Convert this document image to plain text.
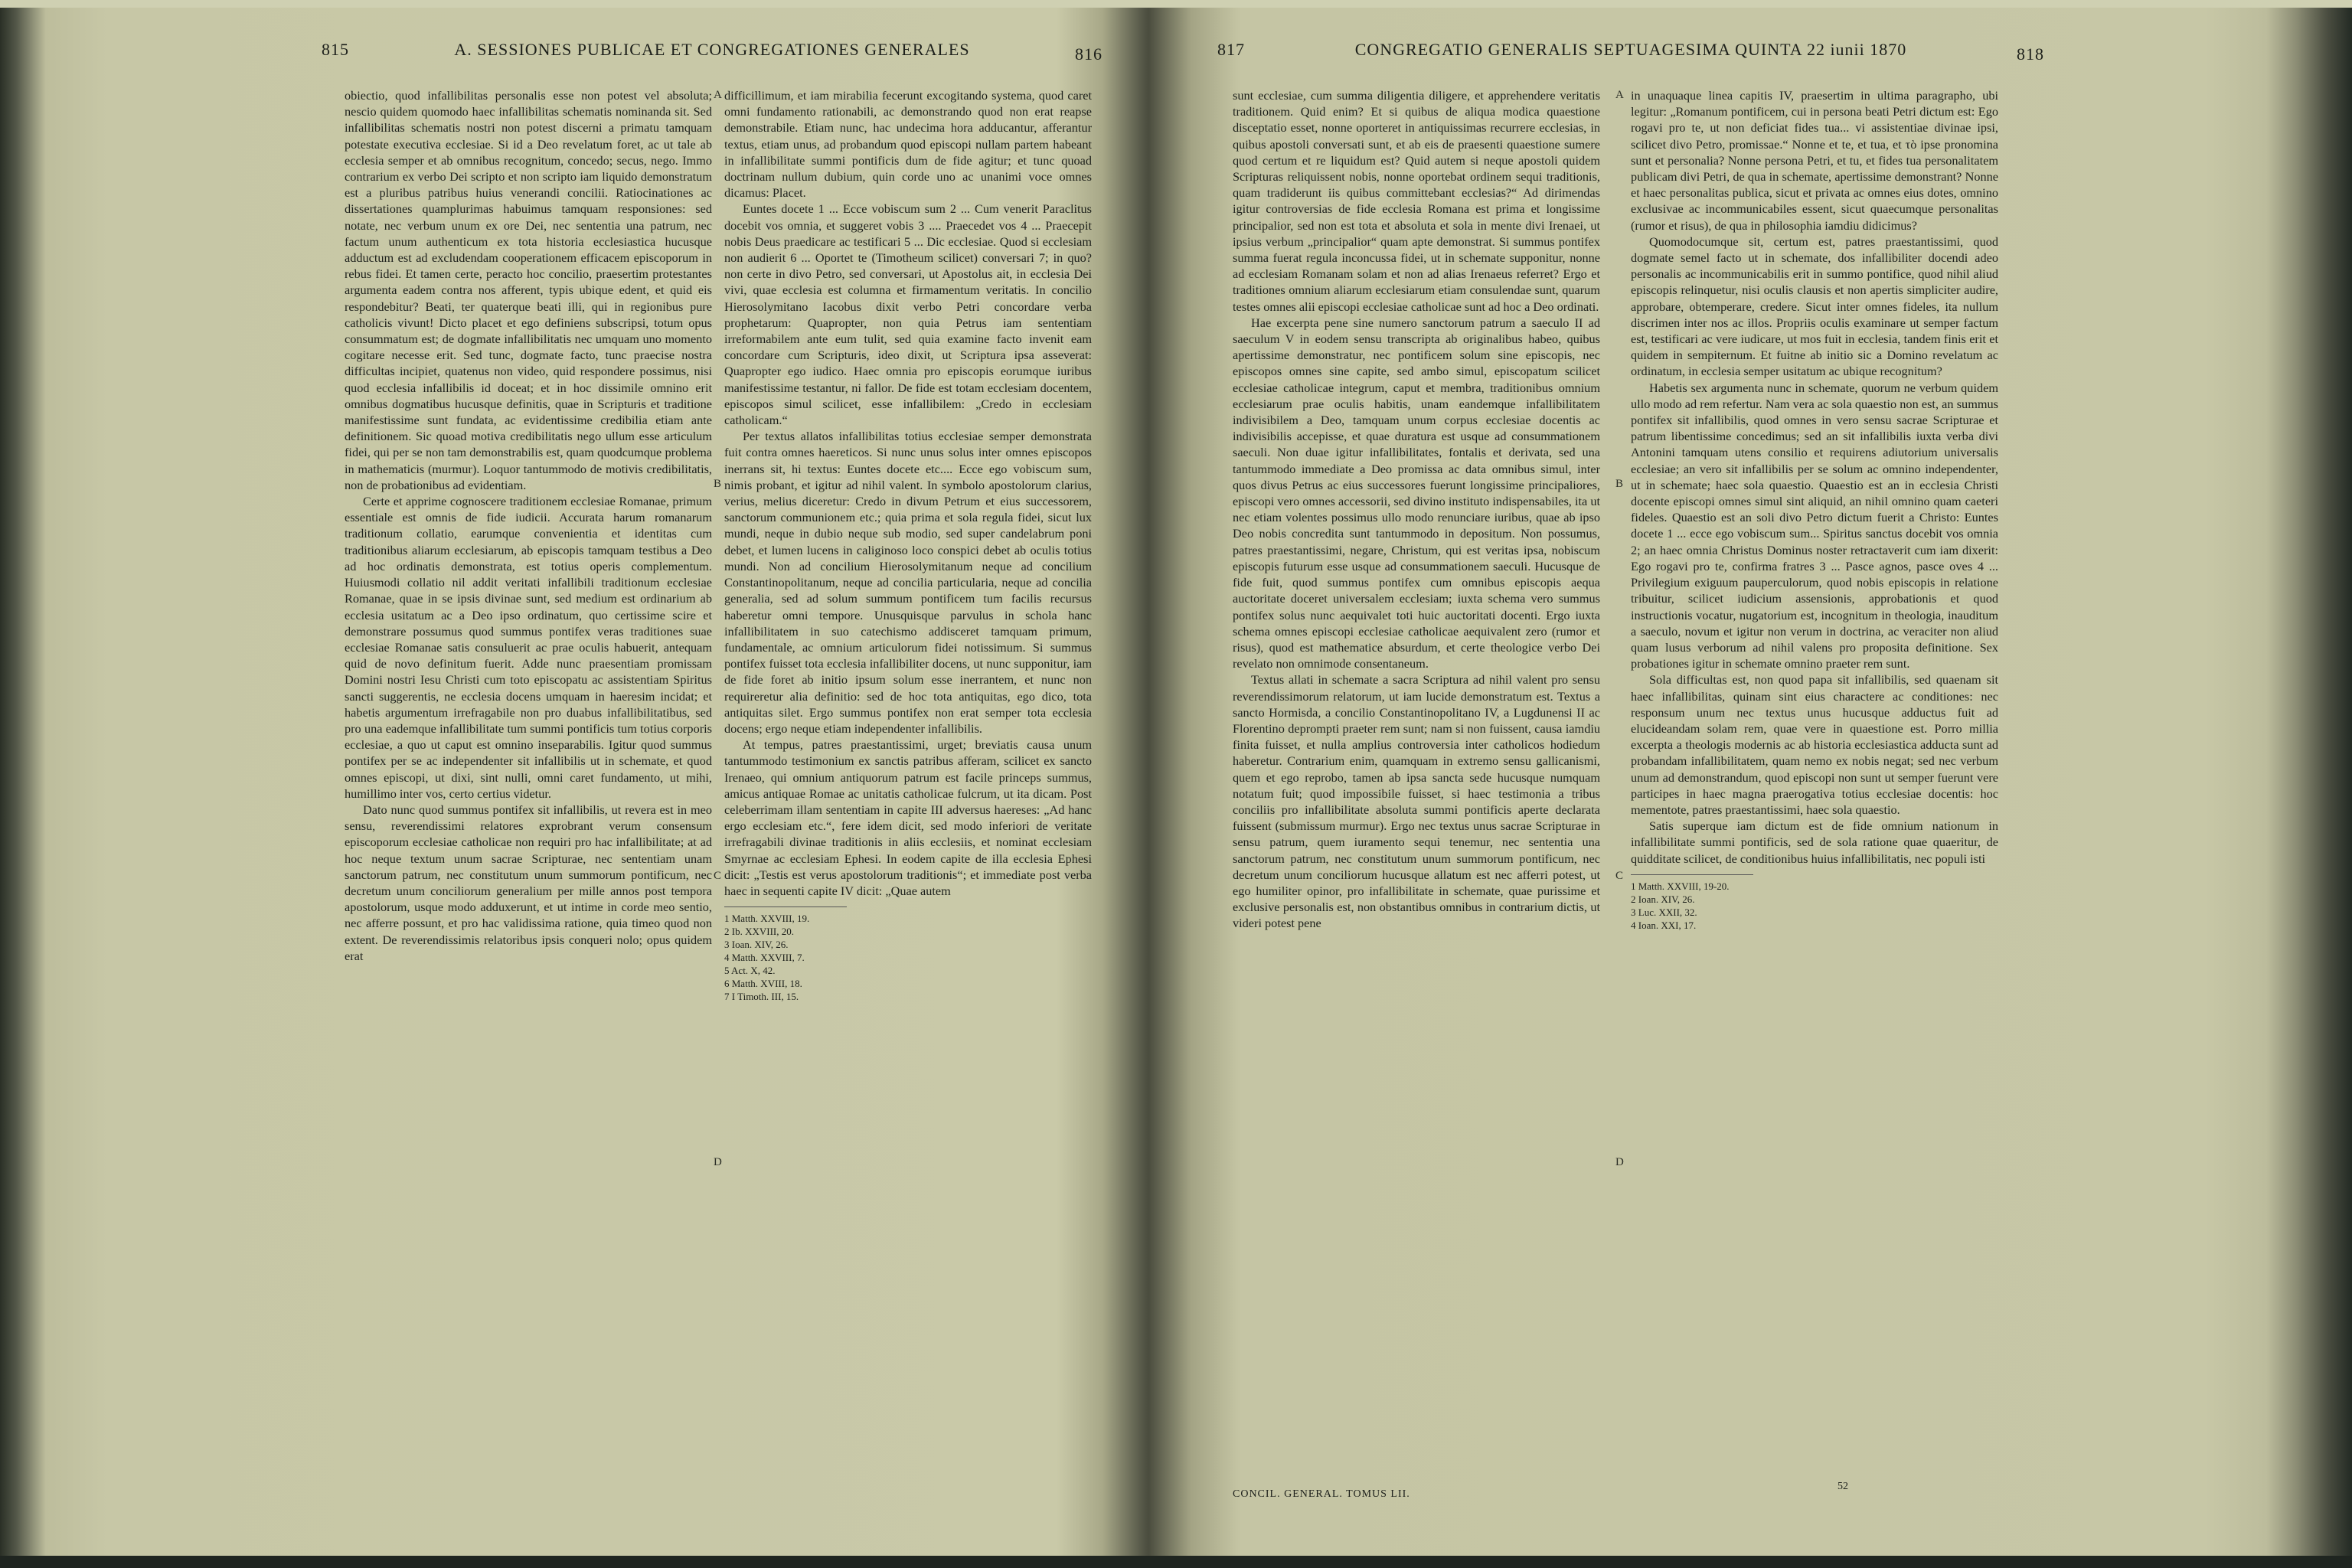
815	A. SESSIONES PUBLICAE ET CONGREGATIONES GENERALES	816

obiectio, quod infallibilitas personalis esse non potest vel absoluta; nescio quidem quomodo haec infallibilitas schematis nominanda sit. Sed infallibilitas schematis nostri non potest discerni a primatu tamquam potestate executiva ecclesiae. Si id a Deo revelatum foret, ac ut tale ab ecclesia semper et ab omnibus recognitum, concedo; secus, nego. Immo contrarium ex verbo Dei scripto et non scripto iam liquido demonstratum est a pluribus patribus huius venerandi concilii. Ratiocinationes ac dissertationes quamplurimas habuimus tamquam responsiones: sed notate, nec verbum unum ex ore Dei, nec sententia una patrum, nec factum unum authenticum ex tota historia ecclesiastica hucusque adductum est ad excludendam cooperationem efficacem episcoporum in rebus fidei. Et tamen certe, peracto hoc concilio, praesertim protestantes argumenta eadem contra nos afferent, typis ubique edent, et quid eis respondebitur? Beati, ter quaterque beati illi, qui in regionibus pure catholicis vivunt! Dicto placet et ego definiens subscripsi, totum opus consummatum est; de dogmate infallibilitatis nec umquam uno momento cogitare necesse erit. Sed tunc, dogmate facto, tunc praecise nostra difficultas incipiet, quatenus non video, quid respondere possimus, nisi quod ecclesia infallibilis id doceat; et in hoc dissimile omnino erit omnibus dogmatibus hucusque definitis, quae in Scripturis et traditione manifestissime sunt fundata, ac evidentissime credibilia etiam ante definitionem. Sic quoad motiva credibilitatis nego ullum esse articulum fidei, qui per se non tam demonstrabilis est, quam quodcumque problema in mathematicis (murmur). Loquor tantummodo de motivis credibilitatis, non de probationibus ad evidentiam.

Certe et apprime cognoscere traditionem ecclesiae Romanae, primum essentiale est omnis de fide iudicii. Accurata harum romanarum traditionum collatio, earumque convenientia et identitas cum traditionibus aliarum ecclesiarum, ab episcopis tamquam testibus a Deo ad hoc ordinatis demonstrata, est totius operis complementum. Huiusmodi collatio nil addit veritati infallibili traditionum ecclesiae Romanae, quae in se ipsis divinae sunt, sed medium est ordinarium ab ecclesia usitatum ac a Deo ipso ordinatum, quo certissime scire et demonstrare possumus quod summus pontifex veras traditiones suae ecclesiae Romanae satis consuluerit ac prae oculis habuerit, antequam quid de novo definitum fuerit. Adde nunc praesentiam promissam Domini nostri Iesu Christi cum toto episcopatu ac assistentiam Spiritus sancti suggerentis, ne ecclesia docens umquam in haeresim incidat; et habetis argumentum irrefragabile non pro duabus infallibilitatibus, sed pro una eademque infallibilitate tum summi pontificis tum totius corporis ecclesiae, a quo ut caput est omnino inseparabilis. Igitur quod summus pontifex per se ac independenter sit infallibilis ut in schemate, et quod omnes episcopi, ut dixi, sint nulli, omni caret fundamento, ut mihi, humillimo inter vos, certo certius videtur.

Dato nunc quod summus pontifex sit infallibilis, ut revera est in meo sensu, reverendissimi relatores exprobrant verum consensum episcoporum ecclesiae catholicae non requiri pro hac infallibilitate; at ad hoc neque textum unum sacrae Scripturae, nec sententiam unam sanctorum patrum, nec constitutum unum summorum pontificum, nec decretum unum conciliorum generalium per mille annos post tempora apostolorum, usque modo adduxerunt, et ut intime in corde meo sentio, nec afferre possunt, et pro hac validissima ratione, quia timeo quod non extent. De reverendissimis relatoribus ipsis conqueri nolo; opus quidem erat

A
B
C
D

difficillimum, et iam mirabilia fecerunt excogitando systema, quod caret omni fundamento rationabili, ac demonstrando quod non erat reapse demonstrabile. Etiam nunc, hac undecima hora adducantur, afferantur textus, etiam unus, ad probandum quod episcopi nullam partem habeant in infallibilitate summi pontificis dum de fide agitur; et tunc quoad doctrinam nullum dubium, quin corde uno ac unanimi voce omnes dicamus: Placet.

Euntes docete 1 ... Ecce vobiscum sum 2 ... Cum venerit Paraclitus docebit vos omnia, et suggeret vobis 3 .... Praecedet vos 4 ... Praecepit nobis Deus praedicare ac testificari 5 ... Dic ecclesiae. Quod si ecclesiam non audierit 6 ... Oportet te (Timotheum scilicet) conversari 7; in quo? non certe in divo Petro, sed conversari, ut Apostolus ait, in ecclesia Dei vivi, quae ecclesia est columna et firmamentum veritatis. In concilio Hierosolymitano Iacobus dixit verbo Petri concordare verba prophetarum: Quapropter, non quia Petrus iam sententiam irreformabilem ante eum tulit, sed quia examine facto invenit eam concordare cum Scripturis, ideo dixit, ut Scriptura ipsa asseverat: Quapropter ego iudico. Haec omnia pro episcopis eorumque iuribus manifestissime testantur, ni fallor. De fide est totam ecclesiam docentem, episcopos simul scilicet, esse infallibilem: „Credo in ecclesiam catholicam.“

Per textus allatos infallibilitas totius ecclesiae semper demonstrata fuit contra omnes haereticos. Si nunc unus solus inter omnes episcopos inerrans sit, hi textus: Euntes docete etc.... Ecce ego vobiscum sum, nimis probant, et igitur ad nihil valent. In symbolo apostolorum clarius, verius, melius diceretur: Credo in divum Petrum et eius successorem, sanctorum communionem etc.; quia prima et sola regula fidei, sicut lux mundi, neque in dubio neque sub modio, sed super candelabrum poni debet, et lumen lucens in caliginoso loco conspici debet ab oculis totius mundi. Non ad concilium Hierosolymitanum neque ad concilium Constantinopolitanum, neque ad concilia particularia, neque ad concilia generalia, sed ad solum summum pontificem tum facilis recursus haberetur omni tempore. Unusquisque parvulus in schola hanc infallibilitatem in suo catechismo addisceret tamquam primum, fundamentale, ac omnium articulorum fidei notissimum. Si summus pontifex fuisset tota ecclesia infallibiliter docens, ut nunc supponitur, iam de fide foret ab initio ipsum solum esse inerrantem, et nunc non requireretur alia definitio: sed de hoc tota antiquitas, ego dico, tota antiquitas silet. Ergo summus pontifex non erat semper tota ecclesia docens; ergo neque etiam independenter infallibilis.

At tempus, patres praestantissimi, urget; breviatis causa unum tantummodo testimonium ex sanctis patribus afferam, scilicet ex sancto Irenaeo, qui omnium antiquorum patrum est facile princeps summus, amicus antiquae Romae ac unitatis catholicae fulcrum, ut ita dicam. Post celeberrimam illam sententiam in capite III adversus haereses: „Ad hanc ergo ecclesiam etc.“, fere idem dicit, sed modo inferiori de veritate irrefragabili divinae traditionis in aliis ecclesiis, et nominat ecclesiam Smyrnae ac ecclesiam Ephesi. In eodem capite de illa ecclesia Ephesi dicit: „Testis est verus apostolorum traditionis“; et immediate post verba haec in sequenti capite IV dicit: „Quae autem

1 Matth. XXVIII, 19.
2 Ib. XXVIII, 20.
3 Ioan. XIV, 26.
4 Matth. XXVIII, 7.
5 Act. X, 42.
6 Matth. XVIII, 18.
7 I Timoth. III, 15.
817	CONGREGATIO GENERALIS SEPTUAGESIMA QUINTA 22 iunii 1870	818

sunt ecclesiae, cum summa diligentia diligere, et apprehendere veritatis traditionem. Quid enim? Et si quibus de aliqua modica quaestione disceptatio esset, nonne oporteret in antiquissimas recurrere ecclesias, in quibus apostoli conversati sunt, et ab eis de praesenti quaestione sumere quod certum et re liquidum est? Quid autem si neque apostoli quidem Scripturas reliquissent nobis, nonne oportebat ordinem sequi traditionis, quam tradiderunt iis quibus committebant ecclesias?“ Ad dirimendas igitur controversias de fide ecclesia Romana est prima et longissime principalior, sed non est tota et absoluta et sola in mente divi Irenaei, ut ipsius verbum „principalior“ quam apte demonstrat. Si summus pontifex summa fuerat regula inconcussa fidei, ut in schemate supponitur, nonne ad ecclesiam Romanam solam et non ad alias Irenaeus referret? Ergo et traditiones omnium aliarum ecclesiarum etiam consulendae sunt, quarum testes omnes alii episcopi ecclesiae catholicae sunt ad hoc a Deo ordinati.

Hae excerpta pene sine numero sanctorum patrum a saeculo II ad saeculum V in eodem sensu transcripta ab originalibus habeo, quibus apertissime demonstratur, nec pontificem solum sine episcopis, nec episcopos omnes sine capite, sed ambo simul, episcopatum scilicet ecclesiae catholicae integrum, caput et membra, traditionibus omnium ecclesiarum prae oculis habitis, unam eandemque infallibilitatem indivisibilem a Deo, tamquam unum corpus ecclesiae docentis ac indivisibilis accepisse, et quae duratura est usque ad consummationem saeculi. Non duae igitur infallibilitates, fontalis et derivata, sed una tantummodo immediate a Deo promissa ac data omnibus simul, inter quos divus Petrus ac eius successores fuerunt longissime principaliores, episcopi vero omnes accessorii, sed divino instituto indispensabiles, ita ut nec etiam volentes possimus ullo modo renunciare iuribus, quae ab ipso Deo nobis concredita sunt tantummodo in depositum. Non possumus, patres praestantissimi, negare, Christum, qui est veritas ipsa, nobiscum episcopis futurum esse usque ad consummationem saeculi. Hucusque de fide fuit, quod summus pontifex cum omnibus episcopis aequa auctoritate doceret universalem ecclesiam; iuxta schema vero summus pontifex solus nunc aequivalet toti huic auctoritati docenti. Ergo iuxta schema omnes episcopi ecclesiae catholicae aequivalent zero (rumor et risus), quod est mathematice absurdum, et certe theologice verbo Dei revelato non omnimode consentaneum.

Textus allati in schemate a sacra Scriptura ad nihil valent pro sensu reverendissimorum relatorum, ut iam lucide demonstratum est. Textus a sancto Hormisda, a concilio Constantinopolitano IV, a Lugdunensi II ac Florentino deprompti praeter rem sunt; nam si non fuissent, causa iamdiu finita fuisset, et nulla amplius controversia inter catholicos hodiedum haberetur. Contrarium enim, quamquam in extremo sensu gallicanismi, quem et ego reprobo, tamen ab ipsa sancta sede hucusque numquam notatum fuit; quod impossibile fuisset, si haec testimonia a tribus conciliis pro infallibilitate absoluta summi pontificis aperte declarata fuissent (submissum murmur). Ergo nec textus unus sacrae Scripturae in sensu patrum, quem iuramento sequi tenemur, nec sententia una sanctorum patrum, nec constitutum unum summorum pontificum, nec decretum unum conciliorum hucusque allatum est nec afferri potest, ut ego humiliter opinor, pro infallibilitate in schemate, quae purissime et exclusive personalis est, non obstantibus omnibus in contrarium dictis, ut videri potest pene

A
B
C
D

in unaquaque linea capitis IV, praesertim in ultima paragrapho, ubi legitur: „Romanum pontificem, cui in persona beati Petri dictum est: Ego rogavi pro te, ut non deficiat fides tua... vi assistentiae divinae ipsi, scilicet divo Petro, promissae.“ Nonne et te, et tua, et τὸ ipse pronomina sunt et personalia? Nonne persona Petri, et tu, et fides tua personalitatem publicam divi Petri, de qua in schemate, apertissime demonstrant? Nonne et haec personalitas publica, sicut et privata ac omnes eius dotes, omnino exclusivae ac incommunicabiles essent, sicut quaecumque personalitas (rumor et risus), de qua in philosophia iamdiu didicimus?

Quomodocumque sit, certum est, patres praestantissimi, quod dogmate semel facto ut in schemate, dos infallibiliter docendi adeo personalis ac incommunicabilis erit in summo pontifice, quod nihil aliud episcopis relinquetur, nisi oculis clausis et non apertis simpliciter audire, approbare, obtemperare, credere. Sicut inter omnes fideles, ita nullum discrimen inter nos ac illos. Propriis oculis examinare ut semper factum est, testificari ac vere iudicare, ut mos fuit in ecclesia, tandem finis erit et quidem in sempiternum. Et fuitne ab initio sic a Domino revelatum ac ordinatum, in ecclesia semper usitatum ac ubique recognitum?

Habetis sex argumenta nunc in schemate, quorum ne verbum quidem ullo modo ad rem refertur. Nam vera ac sola quaestio non est, an summus pontifex sit infallibilis, quod omnes in vero sensu sacrae Scripturae et patrum libentissime concedimus; sed an sit infallibilis iuxta verba divi Antonini tamquam utens consilio et requirens adiutorium universalis ecclesiae; an vero sit infallibilis per se solum ac omnino independenter, ut in schemate; haec sola quaestio. Quaestio est an in ecclesia Christi docente episcopi omnes simul sint aliquid, an nihil omnino quam caeteri fideles. Quaestio est an soli divo Petro dictum fuerit a Christo: Euntes docete 1 ... ecce ego vobiscum sum... Spiritus sanctus docebit vos omnia 2; an haec omnia Christus Dominus noster retractaverit cum iam dixerit: Ego rogavi pro te, confirma fratres 3 ... Pasce agnos, pasce oves 4 ... Privilegium exiguum pauperculorum, quod nobis episcopis in relatione tribuitur, scilicet iudicium assensionis, approbationis et quod instructionis vocatur, nugatorium est, incognitum in theologia, inauditum a saeculo, novum et igitur non verum in doctrina, ac veraciter non aliud quam lusus verborum ad nihil valens pro proposita definitione. Sex probationes igitur in schemate omnino praeter rem sunt.

Sola difficultas est, non quod papa sit infallibilis, sed quaenam sit haec infallibilitas, quinam sint eius charactere ac conditiones: nec responsum unum nec textus unus hucusque adductus fuit ad elucideandam solam rem, quae vere in quaestione est. Porro millia excerpta a theologis modernis ac ab historia ecclesiastica adducta sunt ad probandam infallibilitatem, quam nemo ex nobis negat; sed nec verbum unum ad demonstrandum, quod episcopi non sunt ut semper fuerunt vere participes in haec magna praerogativa totius ecclesiae docentis: hoc mementote, patres praestantissimi, haec sola quaestio.

Satis superque iam dictum est de fide omnium nationum in infallibilitate summi pontificis, sed de sola ratione quae quaeritur, de quidditate scilicet, de conditionibus huius infallibilitatis, nec populi isti

1 Matth. XXVIII, 19-20.
2 Ioan. XIV, 26.
3 Luc. XXII, 32.
4 Ioan. XXI, 17.
CONCIL. GENERAL. TOMUS LII.
52
